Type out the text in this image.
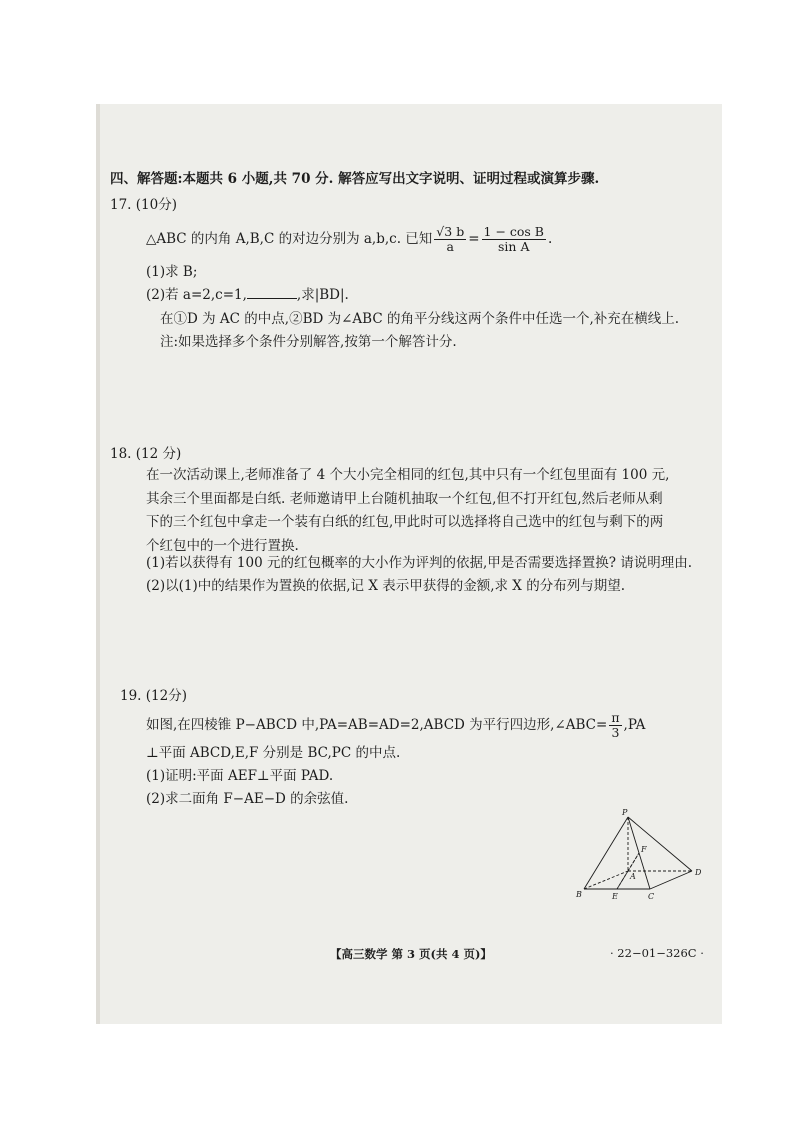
四、解答题:本题共 6 小题,共 70 分. 解答应写出文字说明、证明过程或演算步骤.
17. (10分)
△ABC 的内角 A,B,C 的对边分别为 a,b,c. 已知 $\frac{√3 b}{a} = \frac{\text{1 − cos B}}{\text{sin A}}$ .
(1)求 B;
(2)若 a=2,c=1,	,求|BD|.
在①D 为 AC 的中点,②BD 为∠ABC 的角平分线这两个条件中任选一个,补充在横线上.
注:如果选择多个条件分别解答,按第一个解答计分.
18. (12 分)
在一次活动课上,老师准备了 4 个大小完全相同的红包,其中只有一个红包里面有 100 元,
其余三个里面都是白纸. 老师邀请甲上台随机抽取一个红包,但不打开红包,然后老师从剩
下的三个红包中拿走一个装有白纸的红包,甲此时可以选择将自己选中的红包与剩下的两
个红包中的一个进行置换.
(1)若以获得有 100 元的红包概率的大小作为评判的依据,甲是否需要选择置换? 请说明理由.
(2)以(1)中的结果作为置换的依据,记 X 表示甲获得的金额,求 X 的分布列与期望.
19. (12分)
如图,在四棱锥 P−ABCD 中,PA=AB=AD=2,ABCD 为平行四边形,∠ABC= $\frac{\pi}{3} ,PA$
⊥平面 ABCD,E,F 分别是 BC,PC 的中点.
(1)证明:平面 AEF⊥平面 PAD.
(2)求二面角 F−AE−D 的余弦值.
P
A
B	C
D
E
F
【高三数学 第 3 页(共 4 页)】	· 22−01−326C ·
